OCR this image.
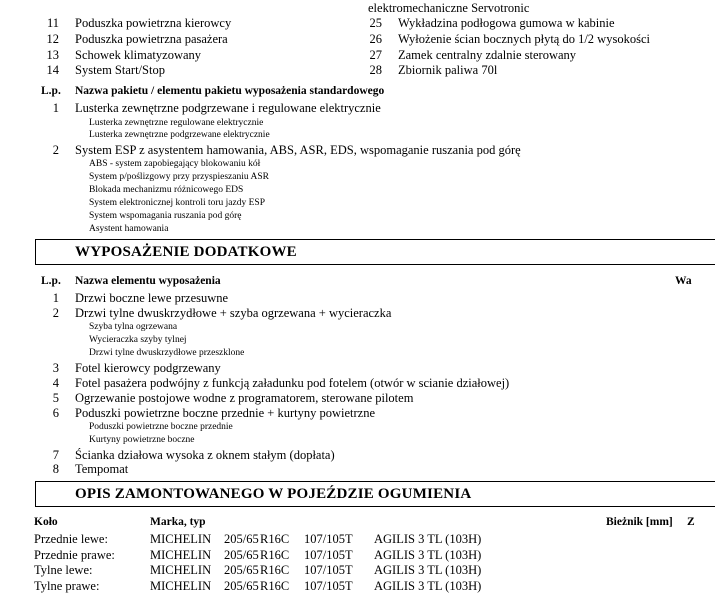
elektromechaniczne Servotronic
11 Poduszka powietrzna kierowcy
12 Poduszka powietrzna pasażera
13 Schowek klimatyzowany
14 System Start/Stop
25 Wykładzina podłogowa gumowa w kabinie
26 Wyłożenie ścian bocznych płytą do 1/2 wysokości
27 Zamek centralny zdalnie sterowany
28 Zbiornik paliwa 70l
L.p. Nazwa pakietu / elementu pakietu wyposażenia standardowego
1 Lusterka zewnętrzne podgrzewane i regulowane elektrycznie
Lusterka zewnętrzne regulowane elektrycznie
Lusterka zewnętrzne podgrzewane elektrycznie
2 System ESP z asystentem hamowania, ABS, ASR, EDS, wspomaganie ruszania pod górę
ABS - system zapobiegający blokowaniu kół
System p/poślizgowy przy przyspieszaniu ASR
Blokada mechanizmu różnicowego EDS
System elektronicznej kontroli toru jazdy ESP
System wspomagania ruszania pod górę
Asystent hamowania
WYPOSAŻENIE DODATKOWE
L.p. Nazwa elementu wyposażenia	Wa
1 Drzwi boczne lewe przesuwne
2 Drzwi tylne dwuskrzydłowe + szyba ogrzewana + wycieraczka
Szyba tylna ogrzewana
Wycieraczka szyby tylnej
Drzwi tylne dwuskrzydłowe przeszklone
3 Fotel kierowcy podgrzewany
4 Fotel pasażera podwójny z funkcją załadunku pod fotelem (otwór w scianie działowej)
5 Ogrzewanie postojowe wodne z programatorem, sterowane pilotem
6 Poduszki powietrzne boczne przednie + kurtyny powietrzne
Poduszki powietrzne boczne przednie
Kurtyny powietrzne boczne
7 Ścianka działowa wysoka z oknem stałym (dopłata)
8 Tempomat
OPIS ZAMONTOWANEGO W POJEŹDZIE OGUMIENIA
Koło	Marka, typ	Bieżnik [mm] Z
Przednie lewe:	MICHELIN 205/65 R16C 107/105T AGILIS 3 TL (103H)
Przednie prawe:	MICHELIN 205/65 R16C 107/105T AGILIS 3 TL (103H)
Tylne lewe:	MICHELIN 205/65 R16C 107/105T AGILIS 3 TL (103H)
Tylne prawe:	MICHELIN 205/65 R16C 107/105T AGILIS 3 TL (103H)
